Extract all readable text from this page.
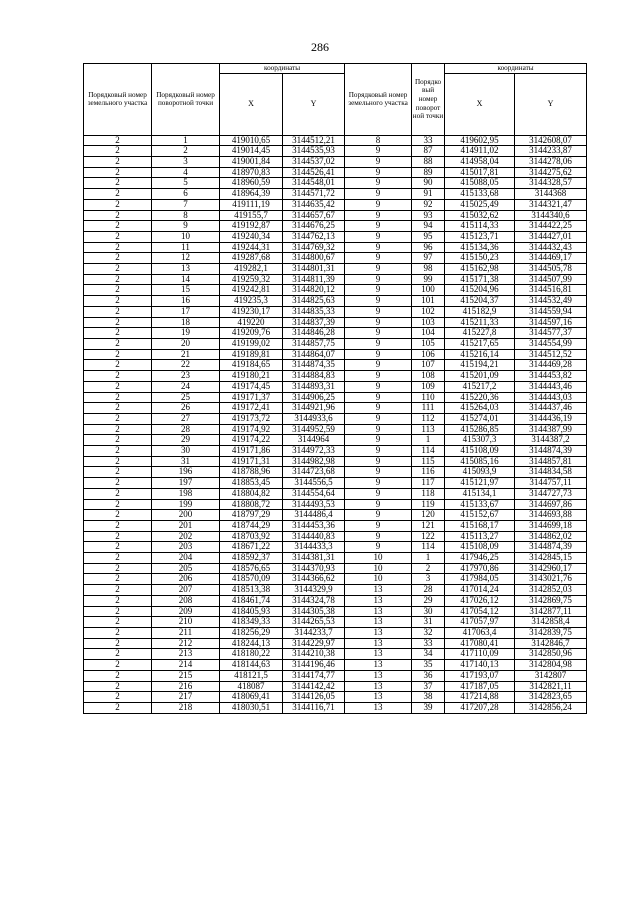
286
Порядковый номер земельного участка	Порядковый номер поворотной точки	координаты		Порядковый номер земельного участка	Порядко вый номер поворот ной точки	координаты	
		X	Y			X	Y
2	1	419010,65	3144512,21	8	33	419602,95	3142608,07
2	2	419014,45	3144535,93	9	87	414911,02	3144233,87
2	3	419001,84	3144537,02	9	88	414958,04	3144278,06
2	4	418970,83	3144526,41	9	89	415017,81	3144275,62
2	5	418960,59	3144548,01	9	90	415088,05	3144328,57
2	6	418964,39	3144571,72	9	91	415133,68	3144368
2	7	419111,19	3144635,42	9	92	415025,49	3144321,47
2	8	419155,7	3144657,67	9	93	415032,62	3144340,6
2	9	419192,87	3144676,25	9	94	415114,33	3144422,25
2	10	419240,34	3144762,13	9	95	415123,71	3144427,01
2	11	419244,31	3144769,32	9	96	415134,36	3144432,43
2	12	419287,68	3144800,67	9	97	415150,23	3144469,17
2	13	419282,1	3144801,31	9	98	415162,98	3144505,78
2	14	419259,32	3144811,39	9	99	415171,38	3144507,99
2	15	419242,81	3144820,12	9	100	415204,96	3144516,81
2	16	419235,3	3144825,63	9	101	415204,37	3144532,49
2	17	419230,17	3144835,33	9	102	415182,9	3144559,94
2	18	419220	3144837,39	9	103	415211,33	3144597,16
2	19	419209,76	3144846,28	9	104	415227,8	3144577,37
2	20	419199,02	3144857,75	9	105	415217,65	3144554,99
2	21	419189,81	3144864,07	9	106	415216,14	3144512,52
2	22	419184,65	3144874,35	9	107	415194,21	3144469,28
2	23	419180,21	3144884,83	9	108	415201,09	3144453,82
2	24	419174,45	3144893,31	9	109	415217,2	3144443,46
2	25	419171,37	3144906,25	9	110	415220,36	3144443,03
2	26	419172,41	3144921,96	9	111	415264,03	3144437,46
2	27	419173,72	3144933,6	9	112	415274,01	3144436,19
2	28	419174,92	3144952,59	9	113	415286,85	3144387,99
2	29	419174,22	3144964	9	1	415307,3	3144387,2
2	30	419171,86	3144972,33	9	114	415108,09	3144874,39
2	31	419171,31	3144982,98	9	115	415085,16	3144857,81
2	196	418788,96	3144723,68	9	116	415093,9	3144834,58
2	197	418853,45	3144556,5	9	117	415121,97	3144757,11
2	198	418804,82	3144554,64	9	118	415134,1	3144727,73
2	199	418808,72	3144493,53	9	119	415133,67	3144697,86
2	200	418797,29	3144486,4	9	120	415152,67	3144693,88
2	201	418744,29	3144453,36	9	121	415168,17	3144699,18
2	202	418703,92	3144440,83	9	122	415113,27	3144862,02
2	203	418671,22	3144433,3	9	114	415108,09	3144874,39
2	204	418592,37	3144381,31	10	1	417946,25	3142845,15
2	205	418576,65	3144370,93	10	2	417970,86	3142960,17
2	206	418570,09	3144366,62	10	3	417984,05	3143021,76
2	207	418513,38	3144329,9	13	28	417014,24	3142852,03
2	208	418461,74	3144324,78	13	29	417026,12	3142869,75
2	209	418405,93	3144305,38	13	30	417054,12	3142877,11
2	210	418349,33	3144265,53	13	31	417057,97	3142858,4
2	211	418256,29	3144233,7	13	32	417063,4	3142839,75
2	212	418244,13	3144229,97	13	33	417080,41	3142846,7
2	213	418180,22	3144210,38	13	34	417110,09	3142850,96
2	214	418144,63	3144196,46	13	35	417140,13	3142804,98
2	215	418121,5	3144174,77	13	36	417193,07	3142807
2	216	418087	3144142,42	13	37	417187,05	3142821,11
2	217	418069,41	3144126,05	13	38	417214,88	3142823,65
2	218	418030,51	3144116,71	13	39	417207,28	3142856,24
